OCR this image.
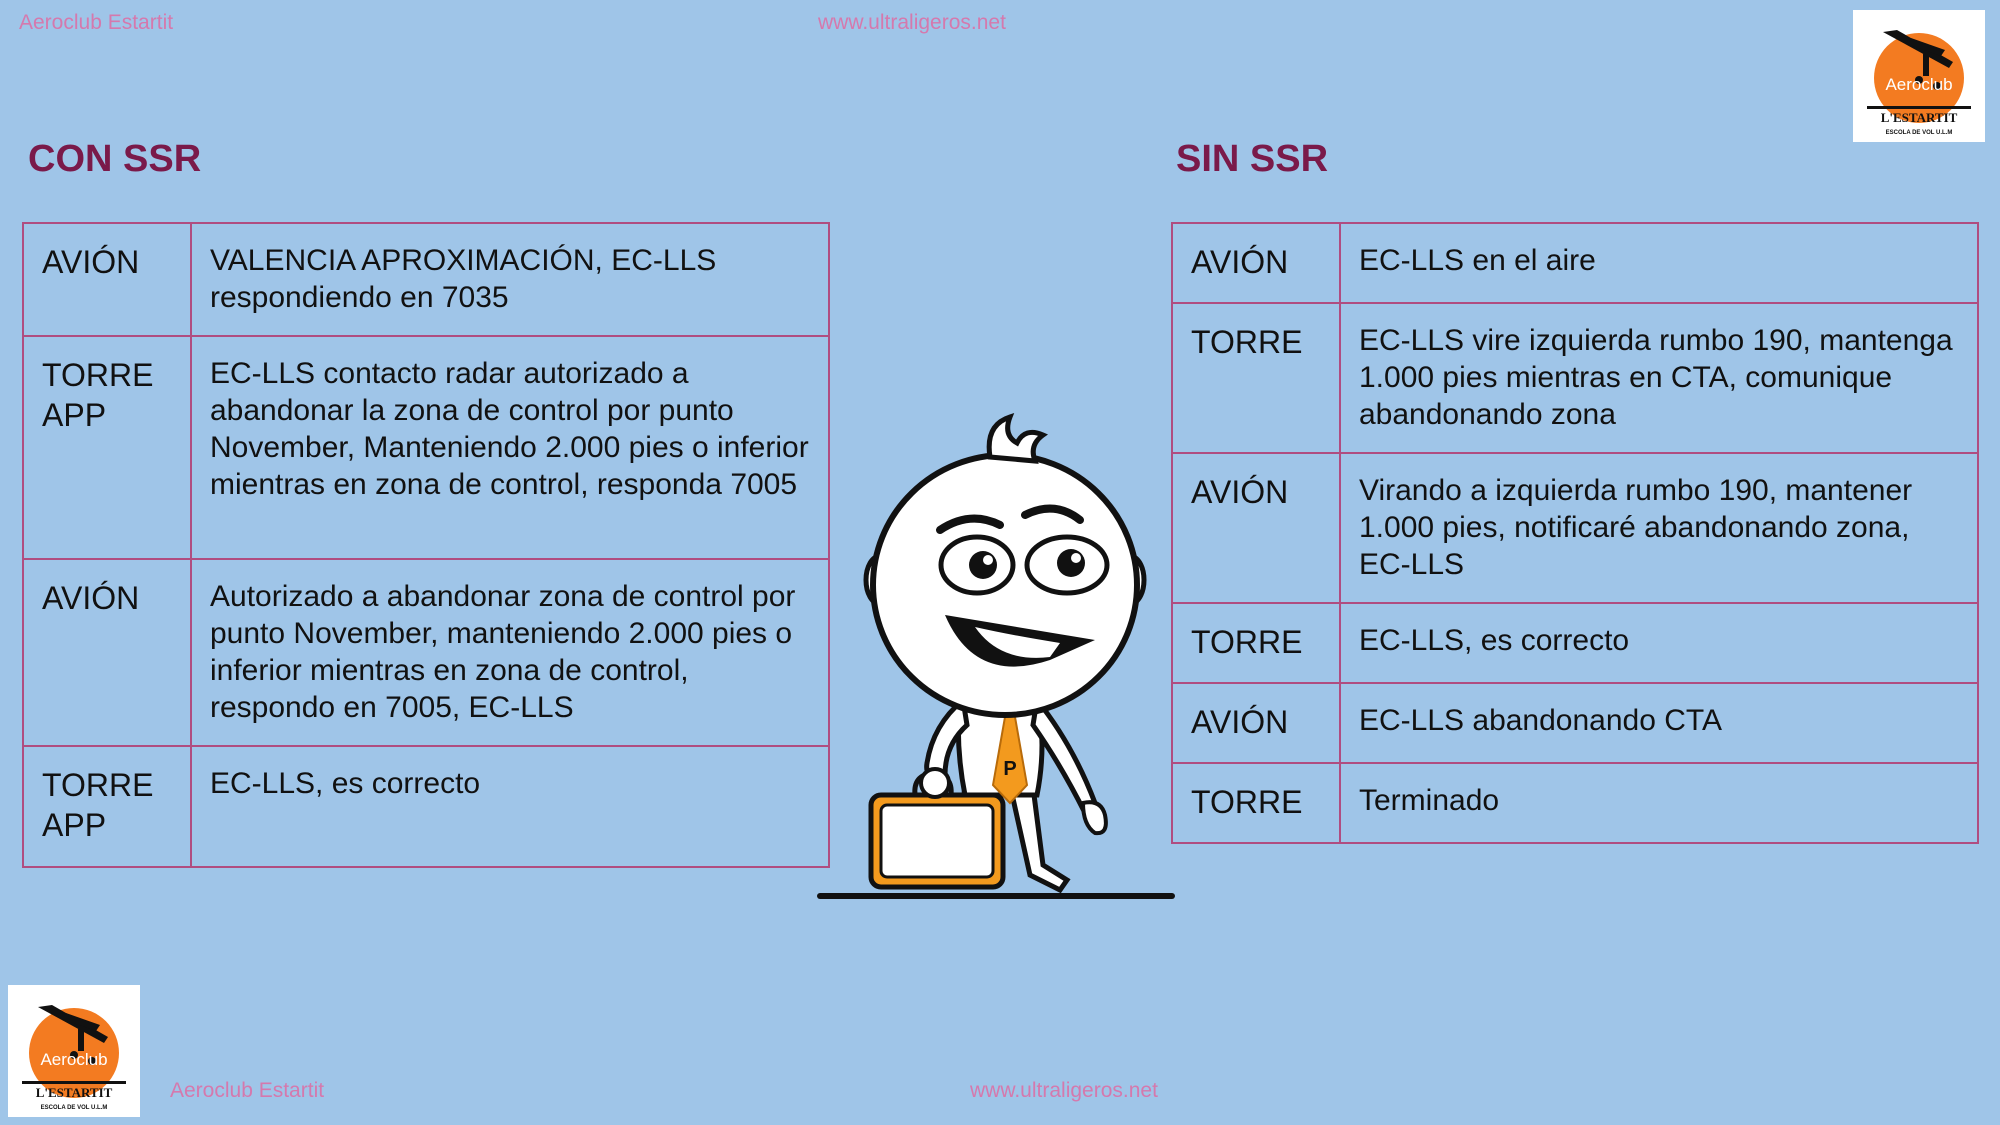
Aeroclub Estartit	www.ultraligeros.net
Aeroclub
L'ESTARTIT
ESCOLA DE VOL U.L.M
Aeroclub
L'ESTARTIT
ESCOLA DE VOL U.L.M
Aeroclub Estartit	www.ultraligeros.net
CON SSR
AVIÓN	VALENCIA APROXIMACIÓN, EC-LLS respondiendo en 7035
TORRE APP	EC-LLS contacto radar autorizado a abandonar la zona de control por punto November, Manteniendo 2.000 pies o inferior mientras en zona de control, responda 7005
AVIÓN	Autorizado a abandonar zona de control por punto November, manteniendo 2.000 pies o inferior mientras en zona de control, respondo en 7005, EC-LLS
TORRE APP	EC-LLS, es correcto
SIN SSR
AVIÓN	EC-LLS en el aire
TORRE	EC-LLS vire izquierda rumbo 190, mantenga 1.000 pies mientras en CTA, comunique abandonando zona
AVIÓN	Virando a izquierda rumbo 190, mantener 1.000 pies, notificaré abandonando zona, EC-LLS
TORRE	EC-LLS, es correcto
AVIÓN	EC-LLS abandonando CTA
TORRE	Terminado
P
